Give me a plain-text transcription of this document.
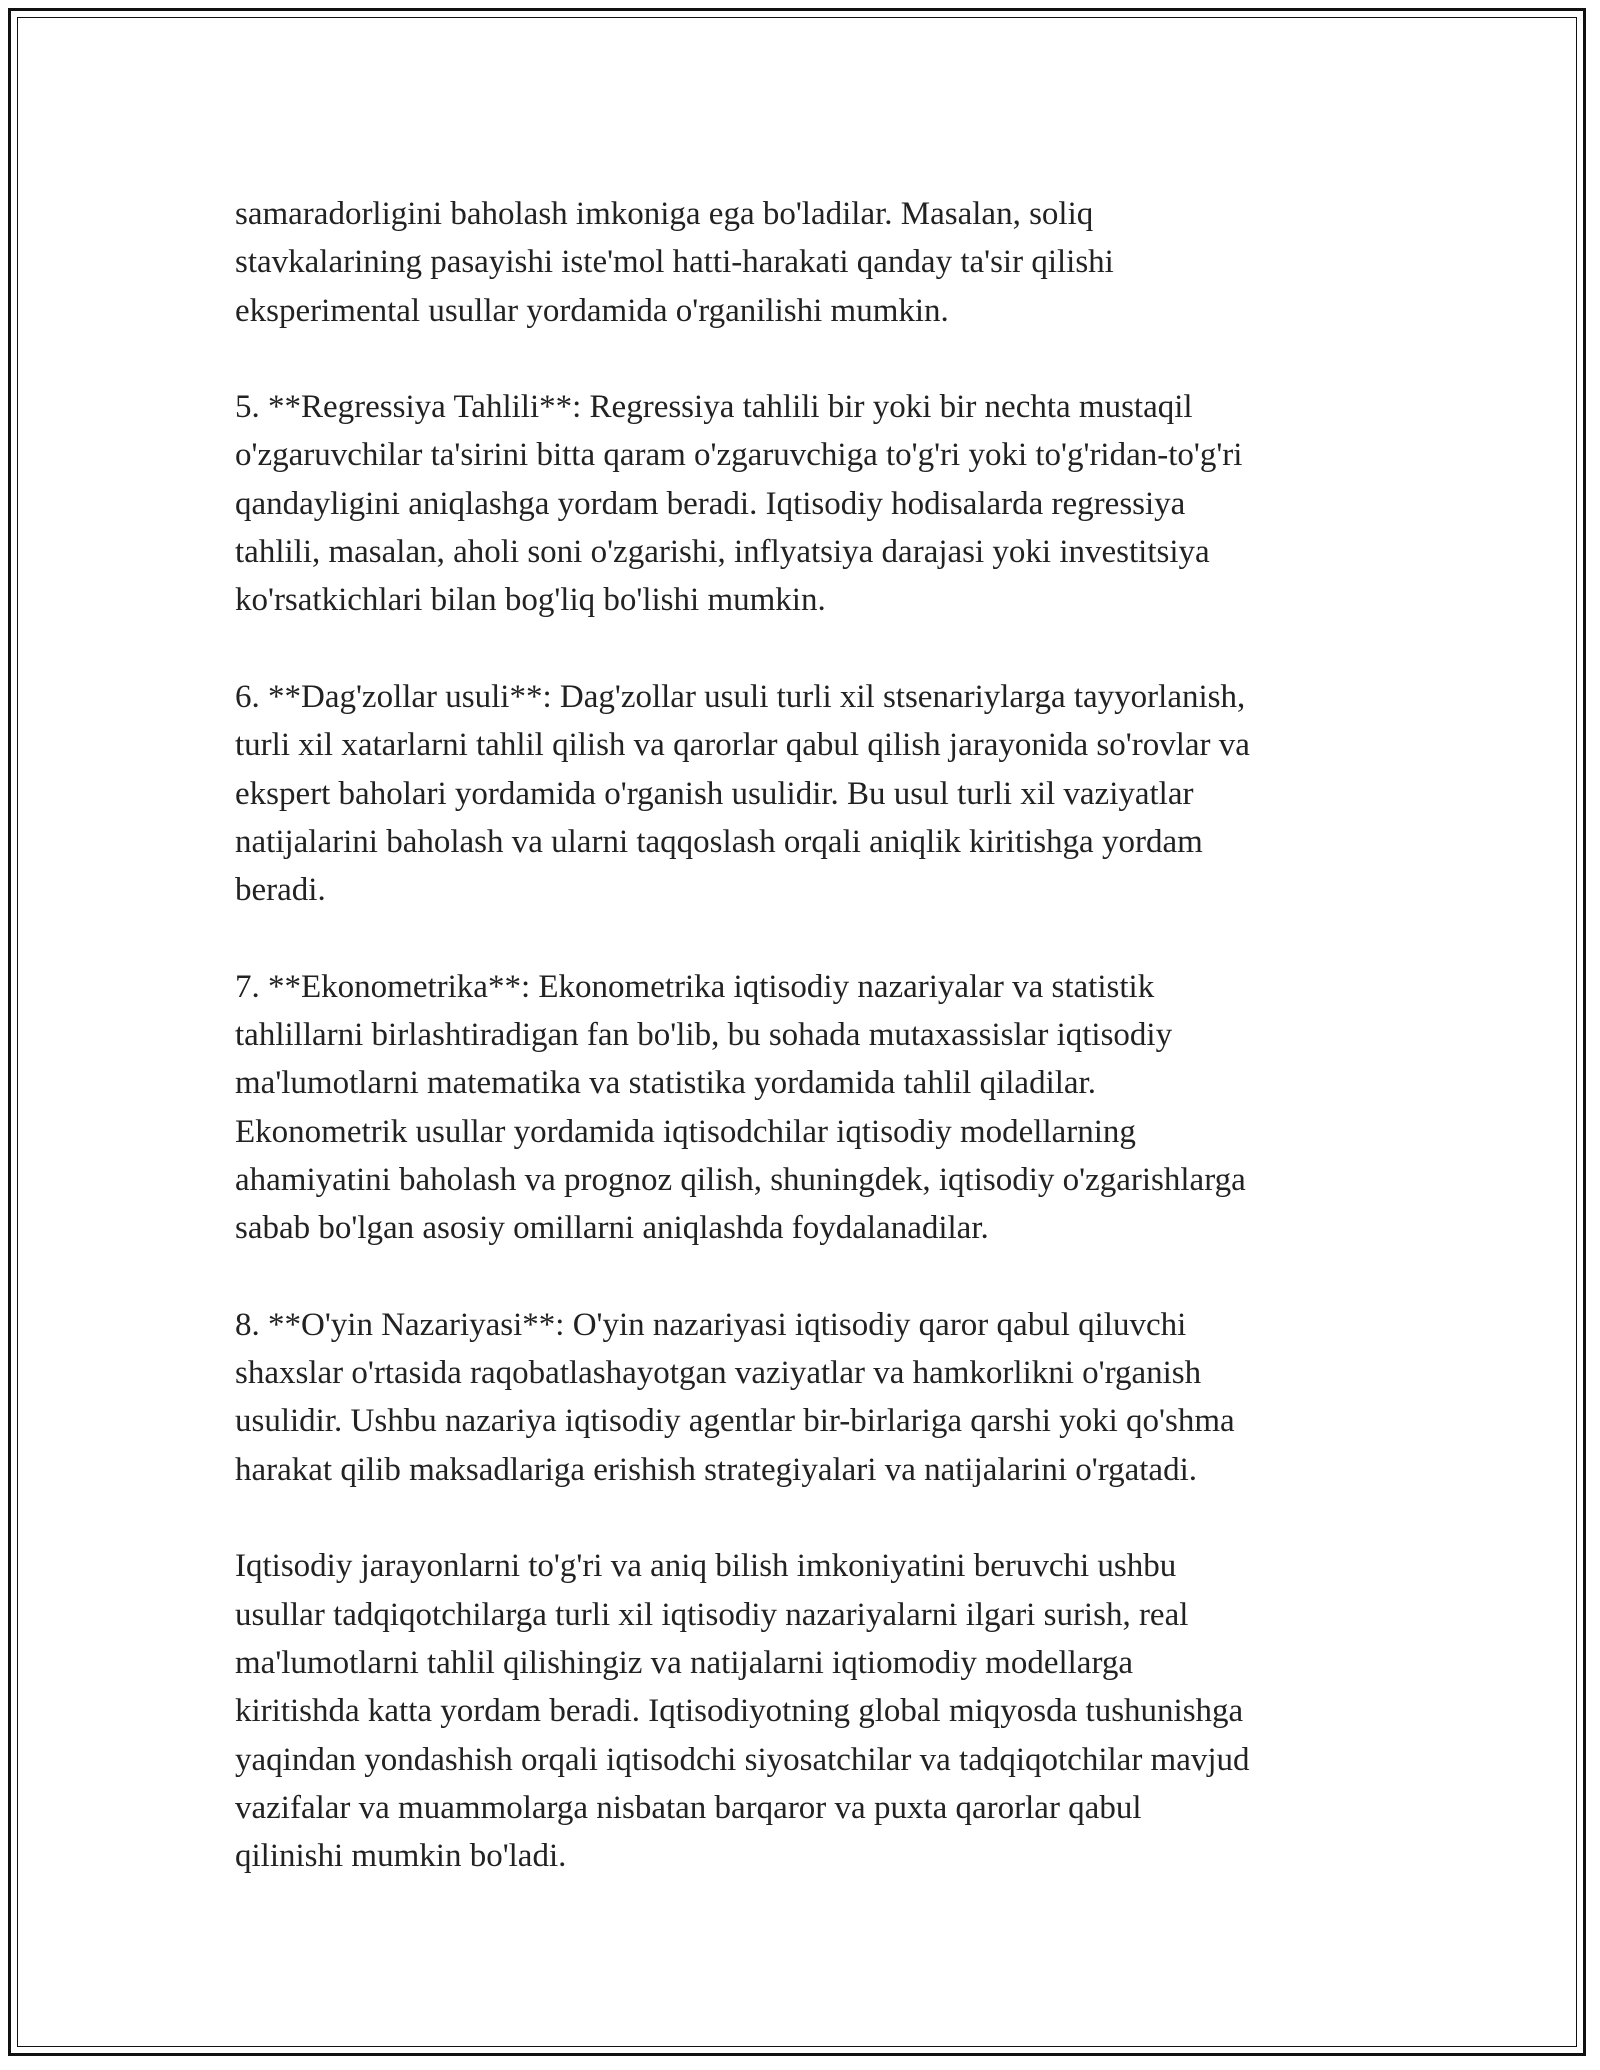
samaradorligini baholash imkoniga ega bo'ladilar. Masalan, soliq
stavkalarining pasayishi iste'mol hatti-harakati qanday ta'sir qilishi
eksperimental usullar yordamida o'rganilishi mumkin.

5. **Regressiya Tahlili**: Regressiya tahlili bir yoki bir nechta mustaqil
o'zgaruvchilar ta'sirini bitta qaram o'zgaruvchiga to'g'ri yoki to'g'ridan-to'g'ri
qandayligini aniqlashga yordam beradi. Iqtisodiy hodisalarda regressiya
tahlili, masalan, aholi soni o'zgarishi, inflyatsiya darajasi yoki investitsiya
ko'rsatkichlari bilan bog'liq bo'lishi mumkin.

6. **Dag'zollar usuli**: Dag'zollar usuli turli xil stsenariylarga tayyorlanish,
turli xil xatarlarni tahlil qilish va qarorlar qabul qilish jarayonida so'rovlar va
ekspert baholari yordamida o'rganish usulidir. Bu usul turli xil vaziyatlar
natijalarini baholash va ularni taqqoslash orqali aniqlik kiritishga yordam
beradi.

7. **Ekonometrika**: Ekonometrika iqtisodiy nazariyalar va statistik
tahlillarni birlashtiradigan fan bo'lib, bu sohada mutaxassislar iqtisodiy
ma'lumotlarni matematika va statistika yordamida tahlil qiladilar.
Ekonometrik usullar yordamida iqtisodchilar iqtisodiy modellarning
ahamiyatini baholash va prognoz qilish, shuningdek, iqtisodiy o'zgarishlarga
sabab bo'lgan asosiy omillarni aniqlashda foydalanadilar.

8. **O'yin Nazariyasi**: O'yin nazariyasi iqtisodiy qaror qabul qiluvchi
shaxslar o'rtasida raqobatlashayotgan vaziyatlar va hamkorlikni o'rganish
usulidir. Ushbu nazariya iqtisodiy agentlar bir-birlariga qarshi yoki qo'shma
harakat qilib maksadlariga erishish strategiyalari va natijalarini o'rgatadi.

Iqtisodiy jarayonlarni to'g'ri va aniq bilish imkoniyatini beruvchi ushbu
usullar tadqiqotchilarga turli xil iqtisodiy nazariyalarni ilgari surish, real
ma'lumotlarni tahlil qilishingiz va natijalarni iqtiomodiy modellarga
kiritishda katta yordam beradi. Iqtisodiyotning global miqyosda tushunishga
yaqindan yondashish orqali iqtisodchi siyosatchilar va tadqiqotchilar mavjud
vazifalar va muammolarga nisbatan barqaror va puxta qarorlar qabul
qilinishi mumkin bo'ladi.
